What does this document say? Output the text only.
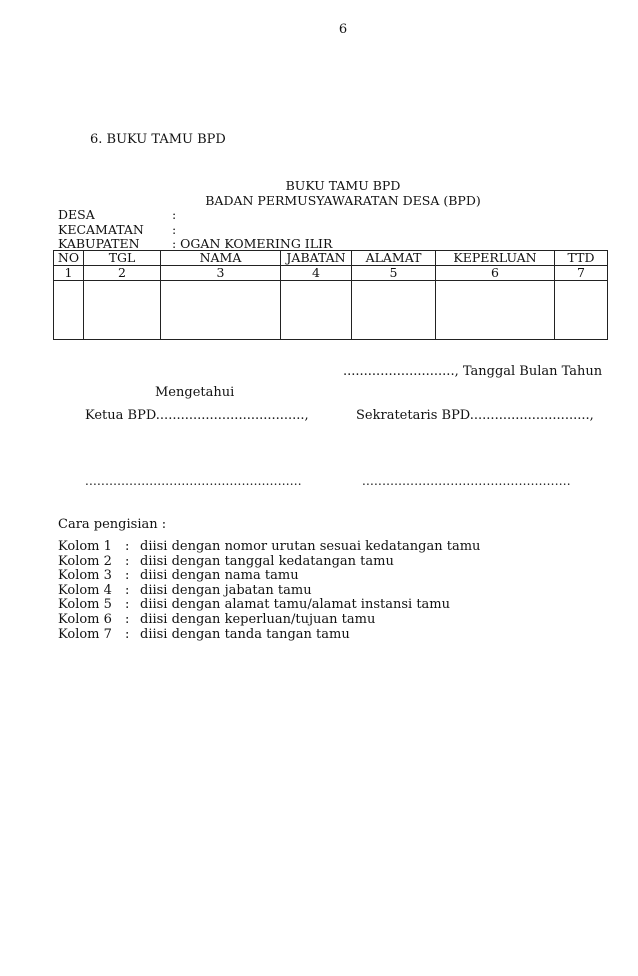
6
6. BUKU TAMU BPD
BUKU TAMU BPD
BADAN PERMUSYAWARATAN DESA (BPD)
DESA	:
KECAMATAN :
KABUPATEN	: OGAN KOMERING ILIR
NO	TGL	NAMA	JABATAN	ALAMAT	KEPERLUAN	TTD
1	2	3	4	5	6	7

..........................., Tanggal Bulan Tahun
Mengetahui
Ketua BPD....................................,	Sekratetaris BPD.............................,
......................................................	....................................................
Cara pengisian :
Kolom 1 : diisi dengan nomor urutan sesuai kedatangan tamu
Kolom 2 : diisi dengan tanggal kedatangan tamu
Kolom 3 : diisi dengan nama tamu
Kolom 4 : diisi dengan jabatan tamu
Kolom 5 : diisi dengan alamat tamu/alamat instansi tamu
Kolom 6 : diisi dengan keperluan/tujuan tamu
Kolom 7 : diisi dengan tanda tangan tamu
